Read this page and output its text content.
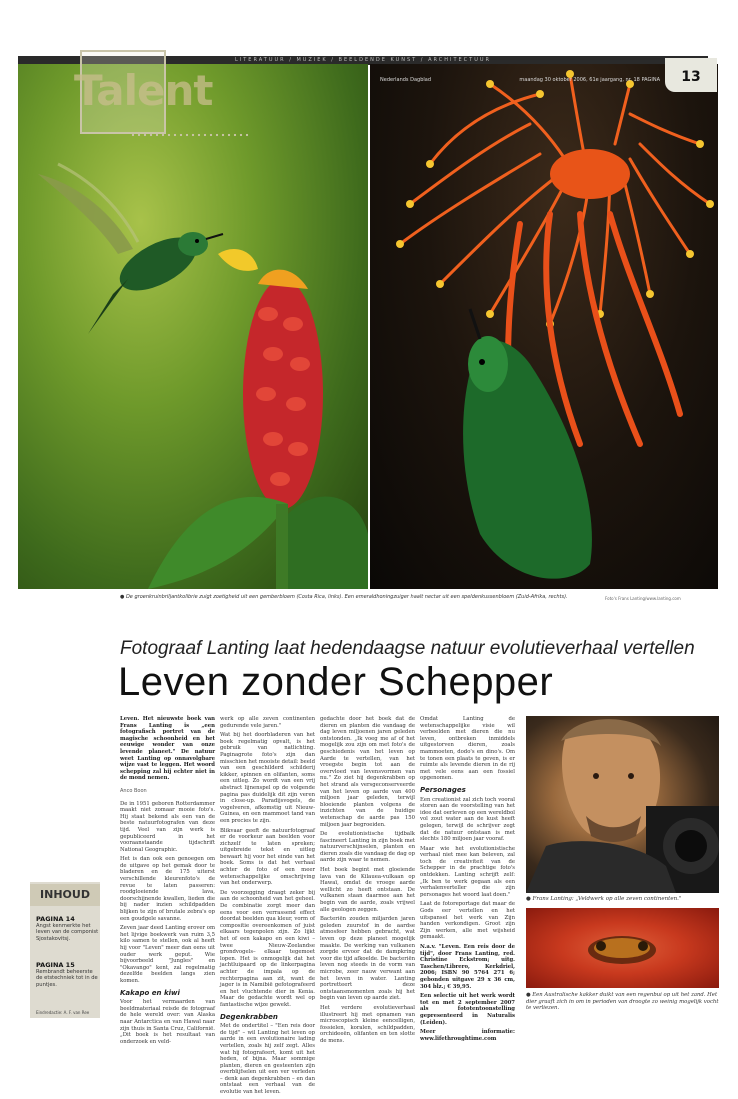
LITERATUUR / MUZIEK / BEELDENDE KUNST / ARCHITECTUUR
Talent	Nederlands Dagblad	maandag 30 oktober 2006, 61e jaargang, nr. 18 PAGINA	13
● De groenkruinbriljantkolibrie zuigt zoetigheid uit een gemberbloem (Costa Rica, links). Een emeraldhoningzuiger haalt nectar uit een speldenkussenbloem (Zuid-Afrika, rechts).	Foto's Frans Lanting/www.lanting.com
Fotograaf Lanting laat hedendaagse natuur evolutieverhaal vertellen
Leven zonder Schepper

Leven. Het nieuwste boek van Frans Lanting is „een fotografisch portret van de magische schoonheid en het eeuwige wonder van onze levende planeet." De natuur weet Lanting op onnavolgbare wijze vast te leggen. Het woord schepping zal hij echter niet in de mond nemen.

Anco Boon

De in 1951 geboren Rotterdammer maakt niet zomaar mooie foto's. Hij staat bekend als een van de beste natuurfotografen van deze tijd. Veel van zijn werk is gepubliceerd in het vooraanstaande tijdschrift National Geographic.

Het is dan ook een genoegen om de uitgave op het gemak door te bladeren en de 175 uiterst verschillende kleurenfoto's de revue te laten passeren: roodgloeiende lava, doorschijnende kwallen, lieden die bij nader inzien schildpadden blijken te zijn of brutale zebra's op een goudgele savanne.

Zeven jaar deed Lanting erover om het lijvige boekwerk van ruim 3,5 kilo samen te stellen, ook al heeft hij voor "Leven" meer dan eens uit ouder werk geput. Wie bijvoorbeeld "Jungles" en "Okavango" kent, zal regelmatig dezelfde beelden langs zien komen.

Kakapo en kiwi

Voor het vermaarden van beeldmateriaal reisde de fotograaf de hele wereld over: van Alaska naar Antarctica en van Hawaï naar zijn thuis in Santa Cruz, Californië. „Dit boek is het resultaat van onderzoek en veld-

werk op alle zeven continenten gedurende vele jaren."

Wat bij het doorbladeren van het boek regelmatig opvalt, is het gebruik van natlichting. Paginagrote foto's zijn dan misschien het mooiste detail: beeld van een geschilderd schilderij kikker, spinnen en olifanten, soms een uitleg. Zo wordt van een vrij abstract lijnenspel op de volgende pagina pas duidelijk dit zijn veren in close-up. Paradijsvogels, de vogelveren, afkomstig uit Nieuw-Guinea, en een mammoet tand van een precies te zijn.

Blikvaar geeft de natuurfotograaf er de voorkeur aan beelden voor zichzelf te laten spreken; uitgebreide tekst en uitleg bewaart hij voor het einde van het boek. Soms is dat het verhaal achter de foto of een meer wetenschappelijke omschrijving van het onderwerp.

De voorzegging draagt zeker bij aan de schoonheid van het geheel. De combinatie zorgt meer dan eens voor een verrassend effect doordat beelden qua kleur, vorm of compositie overeenkomen of juist elkaars tegenpolen zijn. Zo lijkt het of een kakapo en een kiwi –twee Nieuw-Zeelandse grondvogels– elkaar tegemoet lopen. Het is onmogelijk dat het jachtluipaard op de linkerpagina achter de impala op de rechterpagina aan zit, want de jager is in Namibië gefotografeerd en het vluchtende dier in Kenia. Maar de gedachte wordt wel op fantastische wijze gewekt.

Degenkrabben

Met de ondertitel – "Een reis door de tijd" – wil Lanting het leven op aarde in een evolutionaire lading vertellen, zoals hij zelf zegt. Alles wat hij fotografeert, komt uit het heden, of bijna. Maar sommige planten, dieren en gesteenten zijn overblijfselen uit een ver verleden – denk aan degenkrabben – en dan ontstaat een verhaal van de evolutie van het leven.

gedachte door het boek dat de dieren en planten die vandaag de dag leven miljoenen jaren geleden ontstonden. „Ik voeg me af of het mogelijk zou zijn om met foto's de geschiedenis van het leven op Aarde te vertellen, van het vroegste begin tot aan de overvloed van levensvormen van nu." Zo ziet hij degenkrabben op het strand als versgeconserveerde van het leven op aarde van 400 miljoen jaar geleden, terwijl bloeiende planten volgens de inzichten van de huidige wetenschap de aarde pas 150 miljoen jaar begroeiden.

De evolutionistische tijdbalk fascineert Lanting in zijn boek met natuurverschijnselen, planten en dieren zoals die vandaag de dag op aarde zijn waar te nemen.

Het boek begint met gloeiende lava van de Kilauea-vulkaan op Hawaï, omdat de vroege aarde wellicht zo heeft ontstaan. De vulkanen staan daarmee aan het begin van de aarde, zoals vrijwel alle geologen zeggen.

Bacteriën zouden miljarden jaren geleden zuurstof in de aardse atmosfeer hebben gebracht, wat leven op deze planeet mogelijk maakte. De werking van vulkanen zorgde ervoor dat de dampkring voor die tijd afkoelde. De bacteriën leven nog steeds in de vorm van microbe, zeer nauw verwant aan het leven in water. Lanting portretteert deze ontstaansmomenten zoals hij het begin van leven op aarde ziet.

Het verdere evolutieverhaal illustreert hij met opnamen van microscopisch kleine eencelligen, fossielen, koralen, schildpadden, orchideeën, olifanten en ten slotte de mens.

Omdat Lanting de wetenschappelijke visie wil verbeelden met dieren die nu leven, ontbreken inmiddels uitgestorven dieren, zoals mammoeten, dodo's en dino's. Om te tonen een plaats te geven, is er ruimte als levende dieren in de rij met vele eens aan een fossiel opgenomen.

Personages

Een creationist zal zich toch vooral storen aan de voorstelling van het idee dat oerleven op een wereldbol vol zout water aan de kust heeft gelegen, terwijl de schrijver zegt dat de natuur ontstaan is met slechts 180 miljoen jaar vooraf.

Maar wie het evolutionistische verhaal niet mee kan beleven, zal toch de creativiteit van de Schepper in de prachtige foto's ontdekken. Lanting schrijft zelf: „Ik ben te werk gegaan als een verhalenverteller die zijn personages het woord laat doen."

Laat de fotoreportage dat maar de Gods eer vertellen en het uitspansel het werk van Zijn handen verkondigen. Groot zijn Zijn werken, alle met wijsheid gemaakt.

N.a.v. "Leven. Een reis door de tijd", door Frans Lanting, red. Christine Eckstrom; uitg. Taschen/Librero, Kerkdriel, 2006; ISBN 90 5764 271 6; gebonden uitgave 29 x 36 cm, 304 blz.; € 39,95.

Een selectie uit het werk wordt tot en met 2 september 2007 als fototentoonstelling gepresenteerd in Naturalis (Leiden).

Meer informatie: www.lifethroughtime.com

PAGINA 14
Angst kenmerkte het leven van de componist Sjostakovitsj.
PAGINA 15
Rembrandt beheerste de etstechniek tot in de puntjes.
INHOUD
Eindredactie: A. F. van Ree
● Frans Lanting: „Veldwerk op alle zeven continenten."
● Een Australische kakker duikt van een regenbui op uit het zand. Het dier graaft zich in om in perioden van droogte zo weinig mogelijk vocht te verliezen.
